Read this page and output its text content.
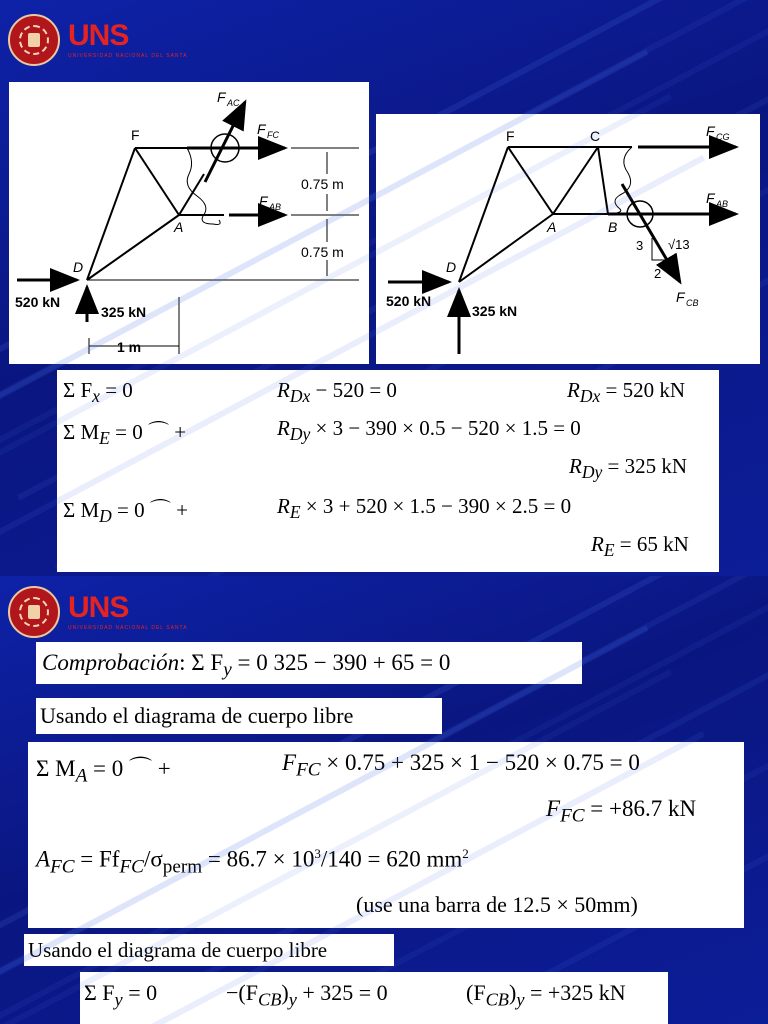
UNS
UNIVERSIDAD NACIONAL DEL SANTA
F
A
D
F AC
F FC
F AB
0.75 m
0.75 m
520 kN
325 kN
1 m
F	C
A	B
D
F CG
F AB
F CB
3
2
√13
520 kN
325 kN
Σ $F_x = 0$	$R_{Dx} - 520 = 0$	$R_{Dx} = 520$ kN
Σ $M_E = 0$ ⌒ +	$R_{Dy} \times 3 - 390 \times 0.5 - 520 \times 1.5 = 0$
$R_{Dy} = 325$ kN
Σ $M_D = 0$ ⌒ +	$R_E \times 3 + 520 \times 1.5 - 390 \times 2.5 = 0$
$R_E = 65$ kN
UNS
UNIVERSIDAD NACIONAL DEL SANTA
Comprobación: Σ $F_y = 0$ 325 − 390 + 65 = 0
Usando el diagrama de cuerpo libre
Σ $M_A = 0$ ⌒ +	$F_{FC} \times 0.75 + 325 \times 1 - 520 \times 0.75 = 0$
$F_{FC} = +86.7$ kN
$A_{FC} = Ff_{FC}/\sigma_{perm} = 86.7 \times 10^3/140 = 620$ $mm^2$
(use una barra de 12.5 × 50mm)
Usando el diagrama de cuerpo libre
Σ $F_y = 0$	$-(F_{CB})_y + 325 = 0$	$(F_{CB})_y = +325$ kN
